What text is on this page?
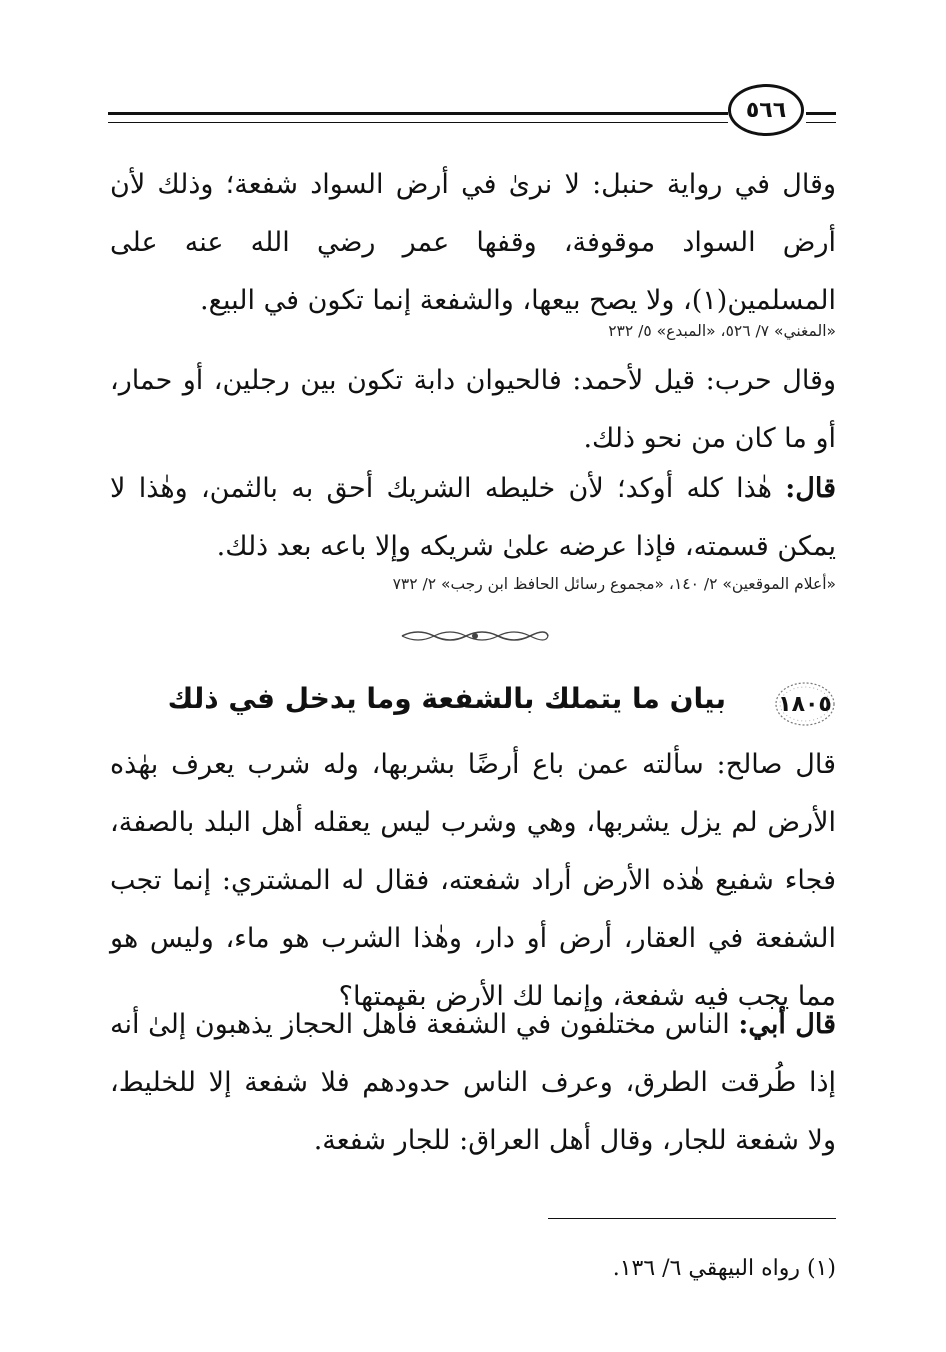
٥٦٦

وقال في رواية حنبل: لا نرىٰ في أرض السواد شفعة؛ وذلك لأن أرض السواد موقوفة، وقفها عمر رضي الله عنه على المسلمين(١)، ولا يصح بيعها، والشفعة إنما تكون في البيع.

«المغني» ٧/ ٥٢٦، «المبدع» ٥/ ٢٣٢

وقال حرب: قيل لأحمد: فالحيوان دابة تكون بين رجلين، أو حمار، أو ما كان من نحو ذلك.

قال: هٰذا كله أوكد؛ لأن خليطه الشريك أحق به بالثمن، وهٰذا لا يمكن قسمته، فإذا عرضه علىٰ شريكه وإلا باعه بعد ذلك.

«أعلام الموقعين» ٢/ ١٤٠، «مجموع رسائل الحافظ ابن رجب» ٢/ ٧٣٢

١٨٠٥
بيان ما يتملك بالشفعة وما يدخل في ذلك

قال صالح: سألته عمن باع أرضًا بشربها، وله شرب يعرف بهٰذه الأرض لم يزل يشربها، وهي وشرب ليس يعقله أهل البلد بالصفة، فجاء شفيع هٰذه الأرض أراد شفعته، فقال له المشتري: إنما تجب الشفعة في العقار، أرض أو دار، وهٰذا الشرب هو ماء، وليس هو مما يجب فيه شفعة، وإنما لك الأرض بقيمتها؟

قال أبي: الناس مختلفون في الشفعة فأهل الحجاز يذهبون إلىٰ أنه إذا طُرقت الطرق، وعرف الناس حدودهم فلا شفعة إلا للخليط، ولا شفعة للجار، وقال أهل العراق: للجار شفعة.

(١) رواه البيهقي ٦/ ١٣٦.
